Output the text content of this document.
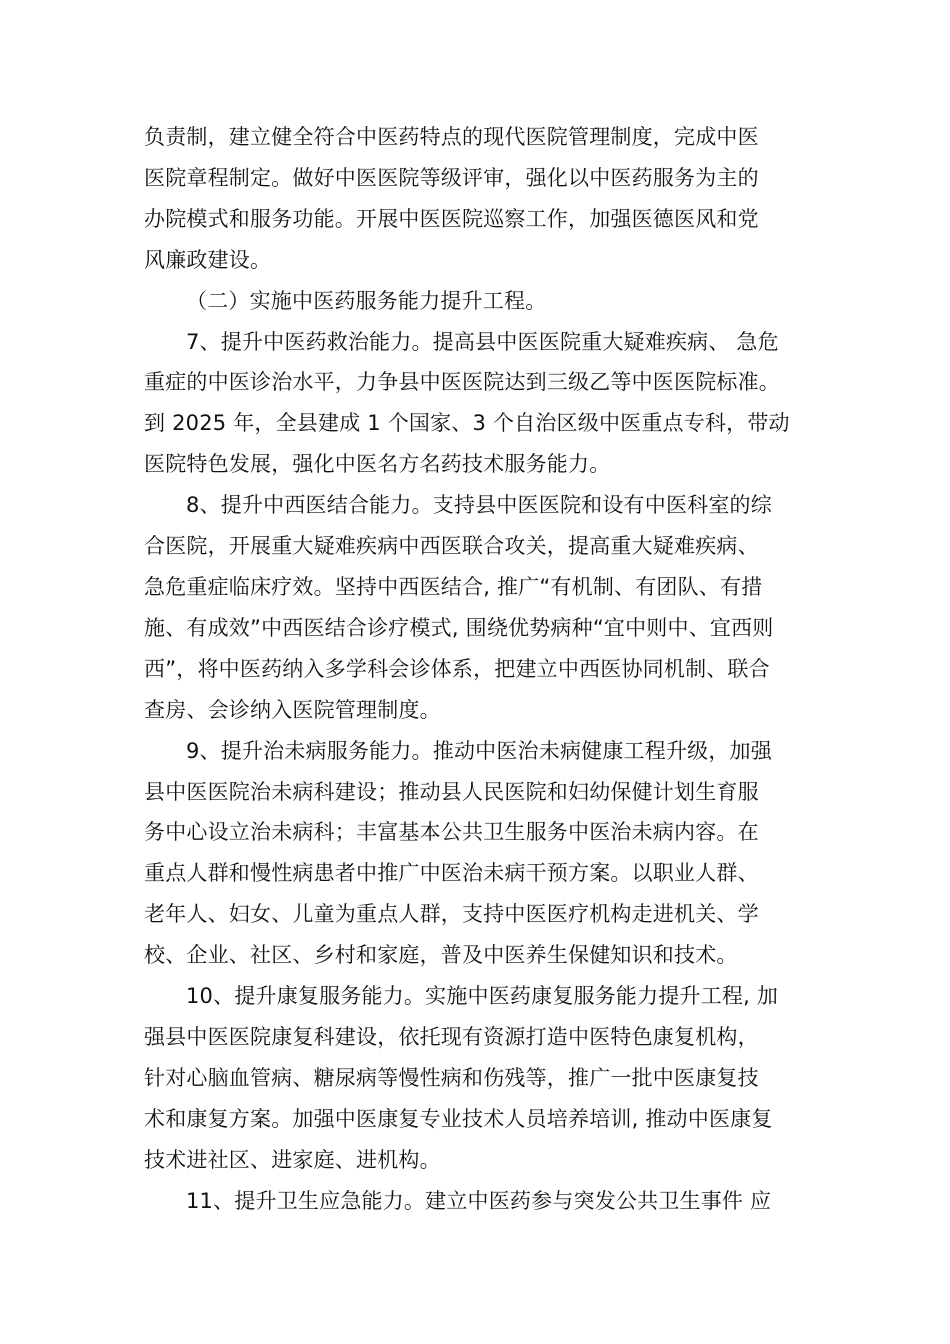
负责制，建立健全符合中医药特点的现代医院管理制度，完成中医
医院章程制定。做好中医医院等级评审，强化以中医药服务为主的
办院模式和服务功能。开展中医医院巡察工作，加强医德医风和党
风廉政建设。

（二）实施中医药服务能力提升工程。

7、提升中医药救治能力。提高县中医医院重大疑难疾病、 急危
重症的中医诊治水平，力争县中医医院达到三级乙等中医医院标准。
到 2025 年，全县建成 1 个国家、3 个自治区级中医重点专科，带动
医院特色发展，强化中医名方名药技术服务能力。

8、提升中西医结合能力。支持县中医医院和设有中医科室的综
合医院，开展重大疑难疾病中西医联合攻关，提高重大疑难疾病、
急危重症临床疗效。坚持中西医结合, 推广“有机制、有团队、有措
施、有成效”中西医结合诊疗模式, 围绕优势病种“宜中则中、宜西则
西”，将中医药纳入多学科会诊体系，把建立中西医协同机制、联合
查房、会诊纳入医院管理制度。

9、提升治未病服务能力。推动中医治未病健康工程升级，加强
县中医医院治未病科建设；推动县人民医院和妇幼保健计划生育服
务中心设立治未病科；丰富基本公共卫生服务中医治未病内容。在
重点人群和慢性病患者中推广中医治未病干预方案。以职业人群、
老年人、妇女、儿童为重点人群，支持中医医疗机构走进机关、学
校、企业、社区、乡村和家庭，普及中医养生保健知识和技术。

10、提升康复服务能力。实施中医药康复服务能力提升工程, 加
强县中医医院康复科建设，依托现有资源打造中医特色康复机构，
针对心脑血管病、糖尿病等慢性病和伤残等，推广一批中医康复技
术和康复方案。加强中医康复专业技术人员培养培训, 推动中医康复
技术进社区、进家庭、进机构。

11、提升卫生应急能力。建立中医药参与突发公共卫生事件 应
